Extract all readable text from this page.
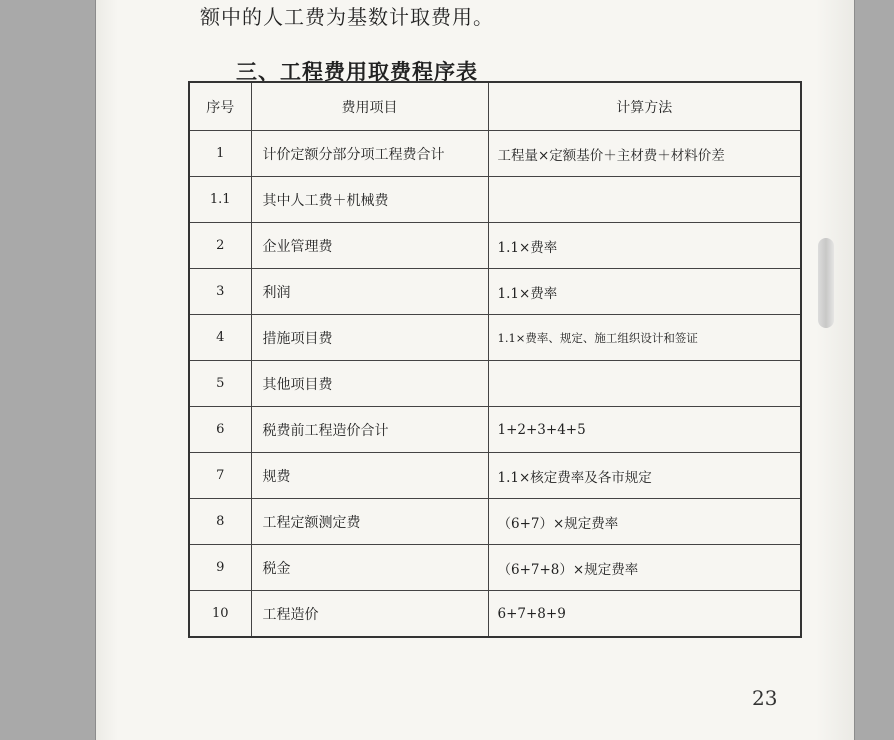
额中的人工费为基数计取费用。
三、工程费用取费程序表
序号	费用项目	计算方法
1	计价定额分部分项工程费合计	工程量×定额基价＋主材费＋材料价差
1.1	其中人工费＋机械费	
2	企业管理费	1.1×费率
3	利润	1.1×费率
4	措施项目费	1.1×费率、规定、施工组织设计和签证
5	其他项目费	
6	税费前工程造价合计	1+2+3+4+5
7	规费	1.1×核定费率及各市规定
8	工程定额测定费	（6+7）×规定费率
9	税金	（6+7+8）×规定费率
10	工程造价	6+7+8+9
23
